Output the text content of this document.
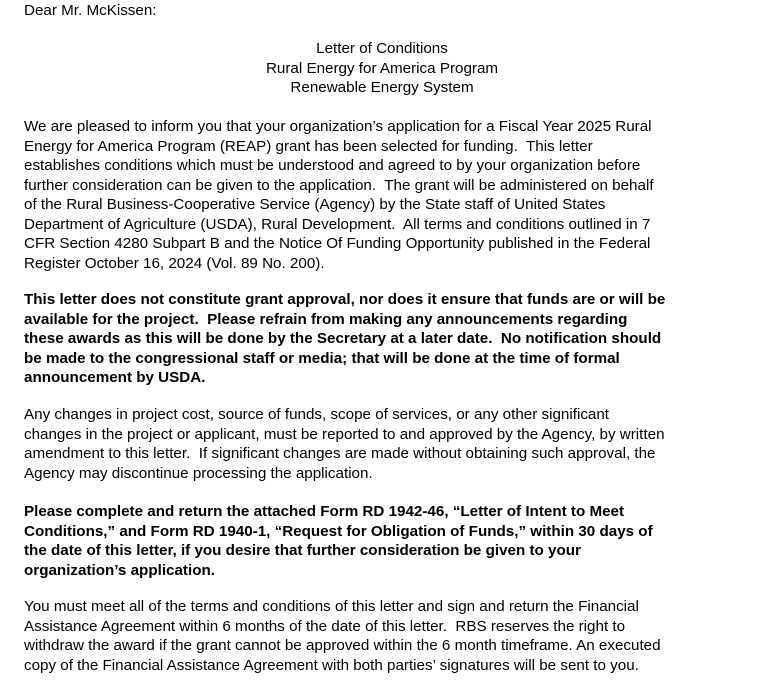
Dear Mr. McKissen:
Letter of Conditions
Rural Energy for America Program
Renewable Energy System
We are pleased to inform you that your organization’s application for a Fiscal Year 2025 Rural
Energy for America Program (REAP) grant has been selected for funding.  This letter
establishes conditions which must be understood and agreed to by your organization before
further consideration can be given to the application.  The grant will be administered on behalf
of the Rural Business-Cooperative Service (Agency) by the State staff of United States
Department of Agriculture (USDA), Rural Development.  All terms and conditions outlined in 7
CFR Section 4280 Subpart B and the Notice Of Funding Opportunity published in the Federal
Register October 16, 2024 (Vol. 89 No. 200).
This letter does not constitute grant approval, nor does it ensure that funds are or will be
available for the project.  Please refrain from making any announcements regarding
these awards as this will be done by the Secretary at a later date.  No notification should
be made to the congressional staff or media; that will be done at the time of formal
announcement by USDA.
Any changes in project cost, source of funds, scope of services, or any other significant
changes in the project or applicant, must be reported to and approved by the Agency, by written
amendment to this letter.  If significant changes are made without obtaining such approval, the
Agency may discontinue processing the application.
Please complete and return the attached Form RD 1942-46, “Letter of Intent to Meet
Conditions,” and Form RD 1940-1, “Request for Obligation of Funds,” within 30 days of
the date of this letter, if you desire that further consideration be given to your
organization’s application.
You must meet all of the terms and conditions of this letter and sign and return the Financial
Assistance Agreement within 6 months of the date of this letter.  RBS reserves the right to
withdraw the award if the grant cannot be approved within the 6 month timeframe. An executed
copy of the Financial Assistance Agreement with both parties’ signatures will be sent to you.
